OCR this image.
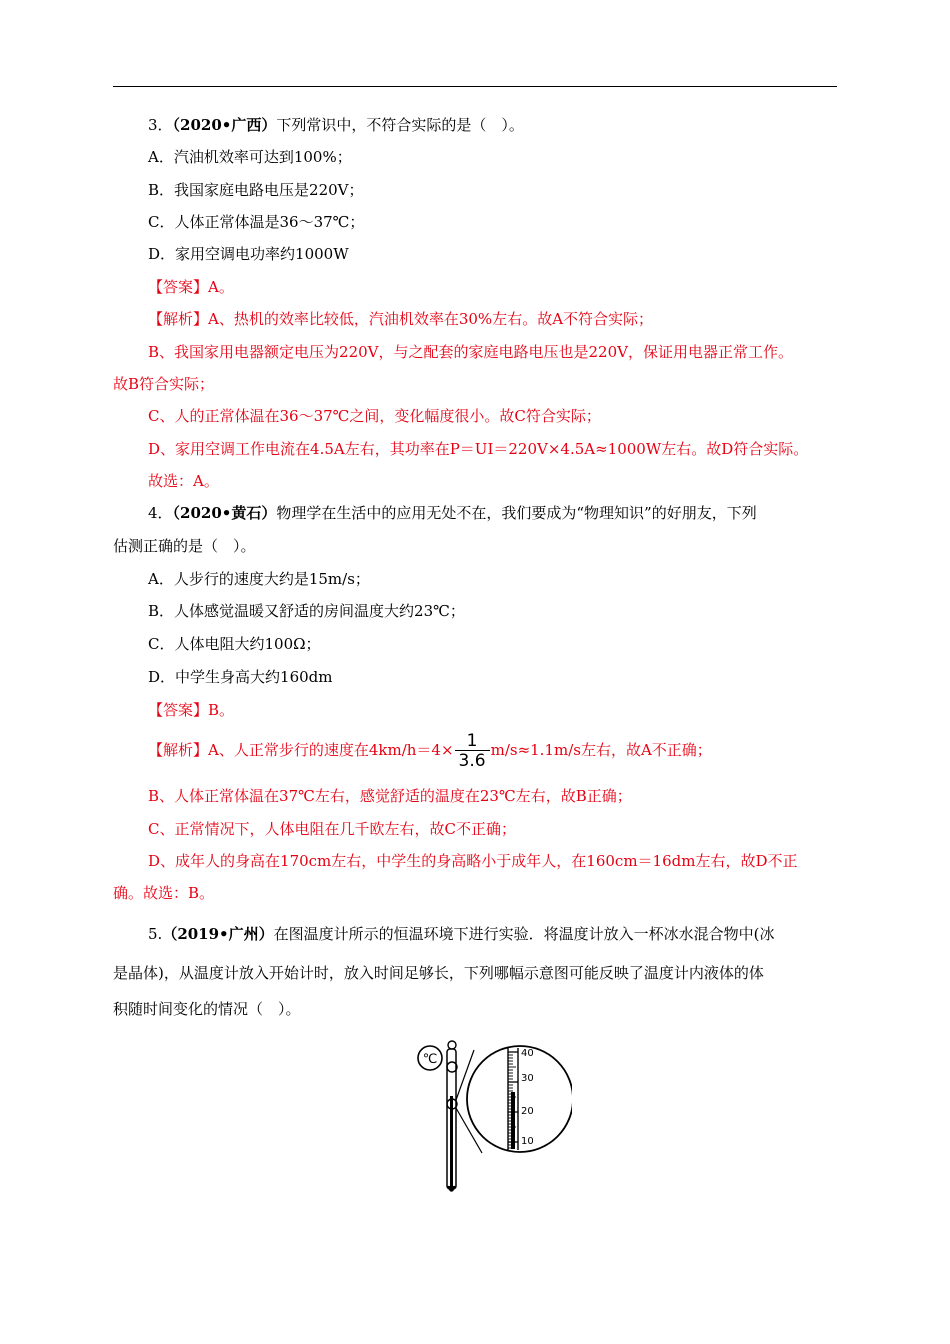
3．（2020•广西）下列常识中，不符合实际的是（　）。
A．汽油机效率可达到100%；
B．我国家庭电路电压是220V；
C．人体正常体温是36～37℃；
D．家用空调电功率约1000W
【答案】A。
【解析】A、热机的效率比较低，汽油机效率在30%左右。故A不符合实际；
B、我国家用电器额定电压为220V，与之配套的家庭电路电压也是220V，保证用电器正常工作。
故B符合实际；
C、人的正常体温在36～37℃之间，变化幅度很小。故C符合实际；
D、家用空调工作电流在4.5A左右，其功率在P＝UI＝220V×4.5A≈1000W左右。故D符合实际。
故选：A。
4．（2020•黄石）物理学在生活中的应用无处不在，我们要成为“物理知识”的好朋友，下列
估测正确的是（　）。
A．人步行的速度大约是15m/s；
B．人体感觉温暖又舒适的房间温度大约23℃；
C．人体电阻大约100Ω；
D．中学生身高大约160dm
【答案】B。
【解析】A、人正常步行的速度在$4km/h=4\times \frac{1}{3.6} m/s\approx 1.1m/s$左右，故A不正确；
B、人体正常体温在37℃左右，感觉舒适的温度在23℃左右，故B正确；
C、正常情况下，人体电阻在几千欧左右，故C不正确；
D、成年人的身高在170cm左右，中学生的身高略小于成年人，在160cm＝16dm左右，故D不正
确。故选：B。
5.（2019•广州）在图温度计所示的恒温环境下进行实验．将温度计放入一杯冰水混合物中(冰
是晶体)，从温度计放入开始计时，放入时间足够长，下列哪幅示意图可能反映了温度计内液体的体
积随时间变化的情况（　）。
℃	40
30
20
10
